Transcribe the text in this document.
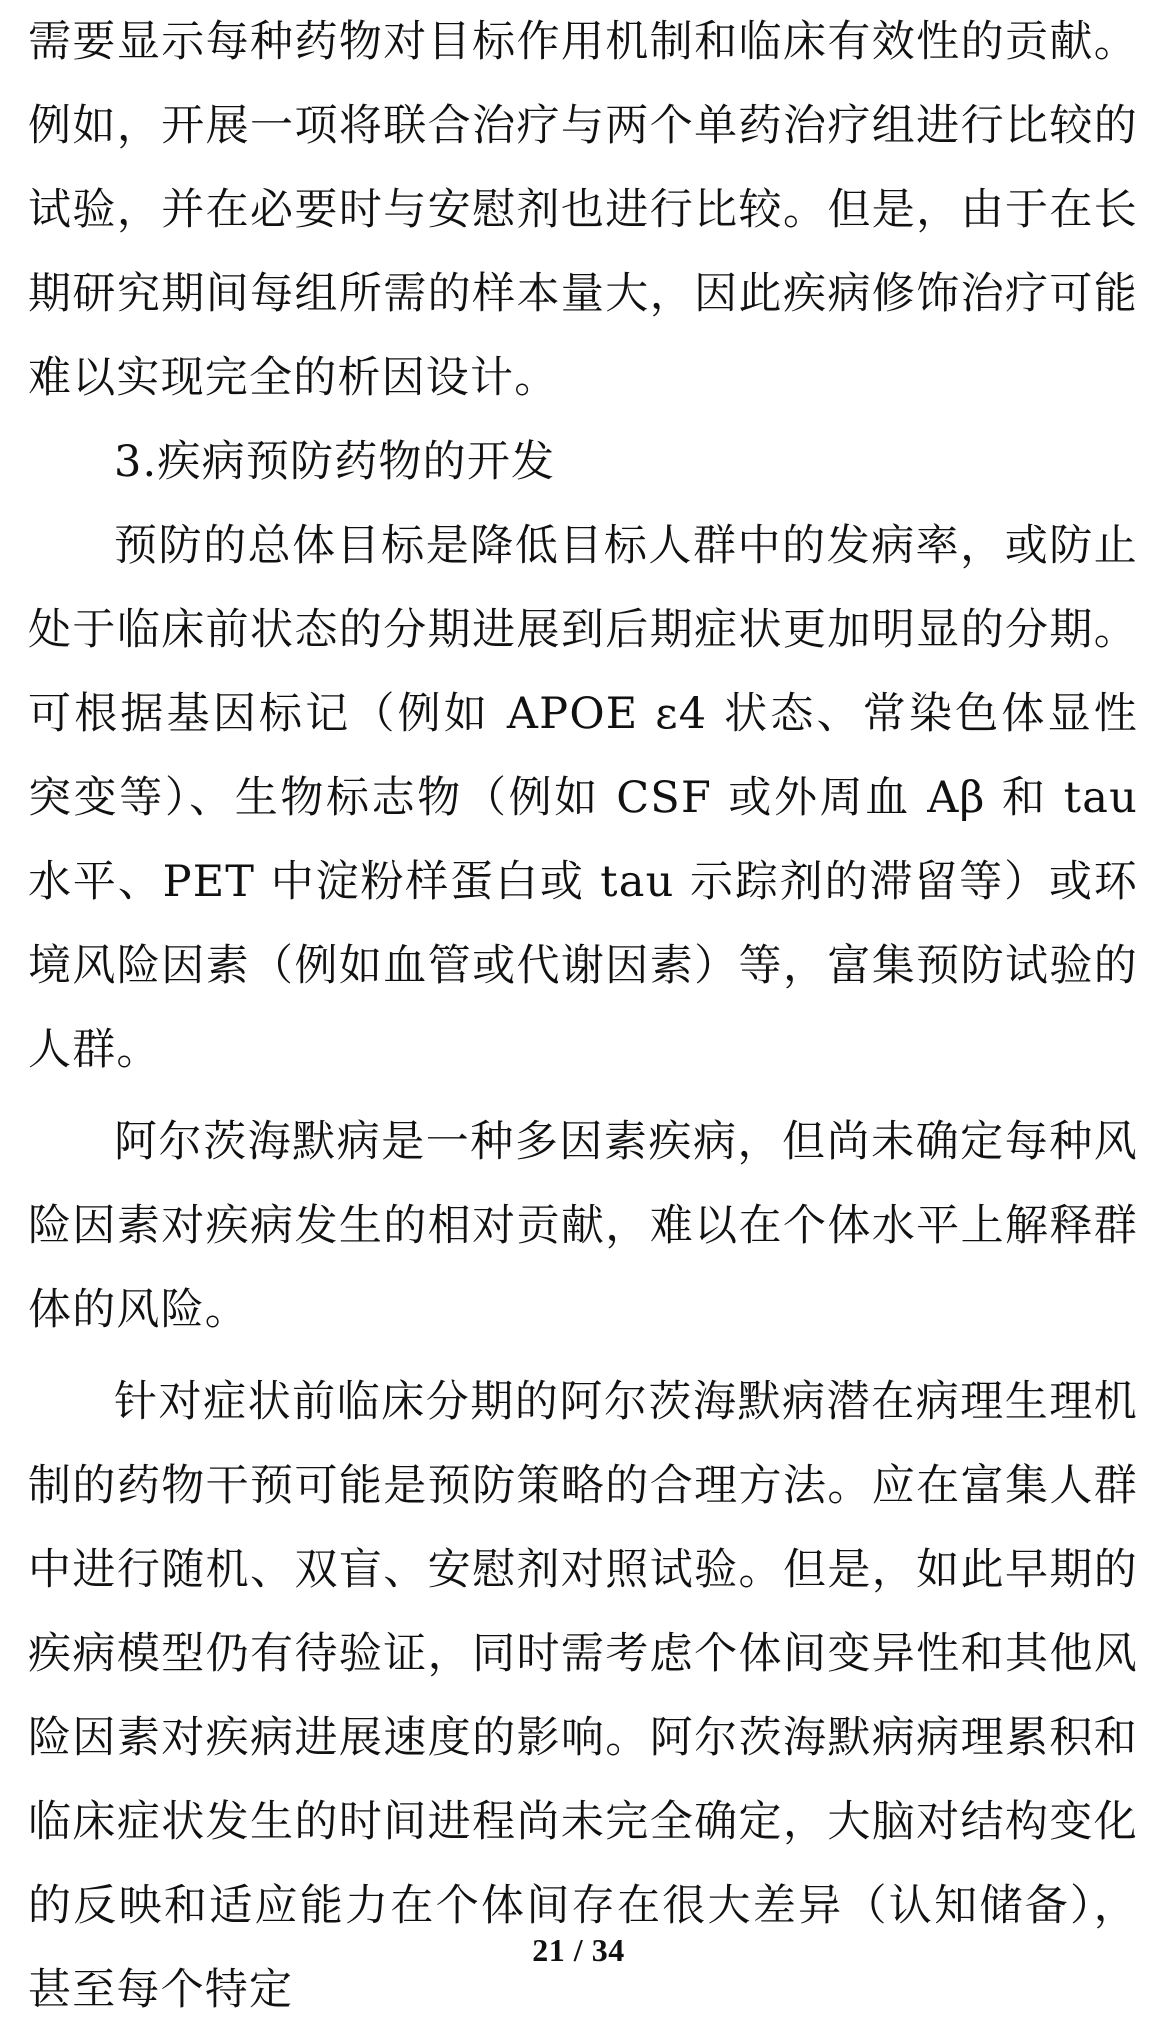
需要显示每种药物对目标作用机制和临床有效性的贡献。例如，开展一项将联合治疗与两个单药治疗组进行比较的试验，并在必要时与安慰剂也进行比较。但是，由于在长期研究期间每组所需的样本量大，因此疾病修饰治疗可能难以实现完全的析因设计。

3.疾病预防药物的开发

预防的总体目标是降低目标人群中的发病率，或防止处于临床前状态的分期进展到后期症状更加明显的分期。可根据基因标记（例如 APOE ε4 状态、常染色体显性突变等）、生物标志物（例如 CSF 或外周血 Aβ 和 tau 水平、PET 中淀粉样蛋白或 tau 示踪剂的滞留等）或环境风险因素（例如血管或代谢因素）等，富集预防试验的人群。

阿尔茨海默病是一种多因素疾病，但尚未确定每种风险因素对疾病发生的相对贡献，难以在个体水平上解释群体的风险。

针对症状前临床分期的阿尔茨海默病潜在病理生理机制的药物干预可能是预防策略的合理方法。应在富集人群中进行随机、双盲、安慰剂对照试验。但是，如此早期的疾病模型仍有待验证，同时需考虑个体间变异性和其他风险因素对疾病进展速度的影响。阿尔茨海默病病理累积和临床症状发生的时间进程尚未完全确定，大脑对结构变化的反映和适应能力在个体间存在很大差异（认知储备），甚至每个特定

21 / 34
